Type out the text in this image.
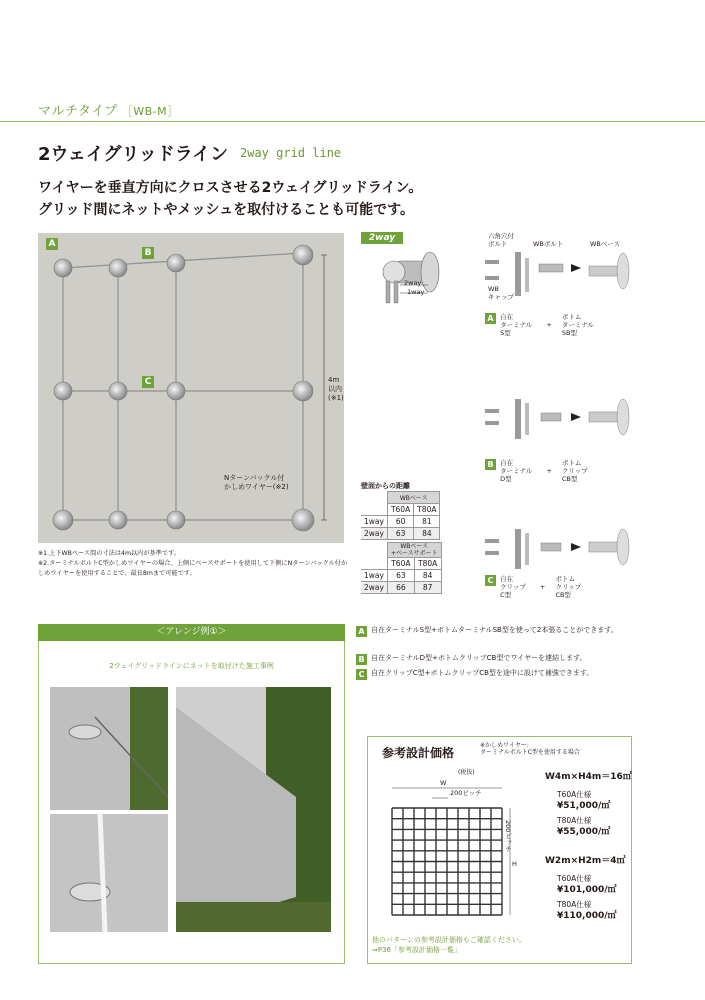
マルチタイプ ［WB-M］
2ウェイグリッドライン 2way grid line
ワイヤーを垂直方向にクロスさせる2ウェイグリッドライン。
グリッド間にネットやメッシュを取付けることも可能です。
A
B
C	4m
以内
(※1)
Nターンバックル付
かしめワイヤー(※2)
※1.上下WBベース間の寸法は4m以内が基準です。
※2.ターミナルボルトC型かしめワイヤーの場合、上側にベースサポートを使用して下側にNターンバックル付かしめワイヤーを使用することで、最長8mまで可能です。
2way
2way
1way
六角穴付
ボルト	WBボルト	WBベース
WB
キャップ
A 自在
ターミナル
S型 + ボトム
ターミナル
SB型
B 自在
ターミナル
D型 + ボトム
クリップ
CB型
C 自在
クリップ
C型 + ボトム
クリップ
CB型
壁面からの距離
	WBベース	
	T60A	T80A
1way	60	81
2way	63	84
	WBベース
+ベースサポート	
	T60A	T80A
1way	63	84
2way	66	87
＜アレンジ例①＞
2ウェイグリッドラインにネットを取付けた施工事例
A 自在ターミナルS型+ボトムターミナルSB型を使って2本張ることができます。
B 自在ターミナルD型+ボトムクリップCB型でワイヤーを連結します。
C 自在クリップC型+ボトムクリップCB型を途中に設けて補強できます。
参考設計価格
※かしめワイヤー:
ターミナルボルトC型を使用する場合
(税抜)
W
200ピッチ
H
200ピッチ
W4m×H4m＝16㎡
T60A仕様
¥51,000/㎡
T80A仕様
¥55,000/㎡
W2m×H2m＝4㎡
T60A仕様
¥101,000/㎡
T80A仕様
¥110,000/㎡
他のパターンの参考設計価格もご確認ください。
⇒P36「参考設計価格一覧」
